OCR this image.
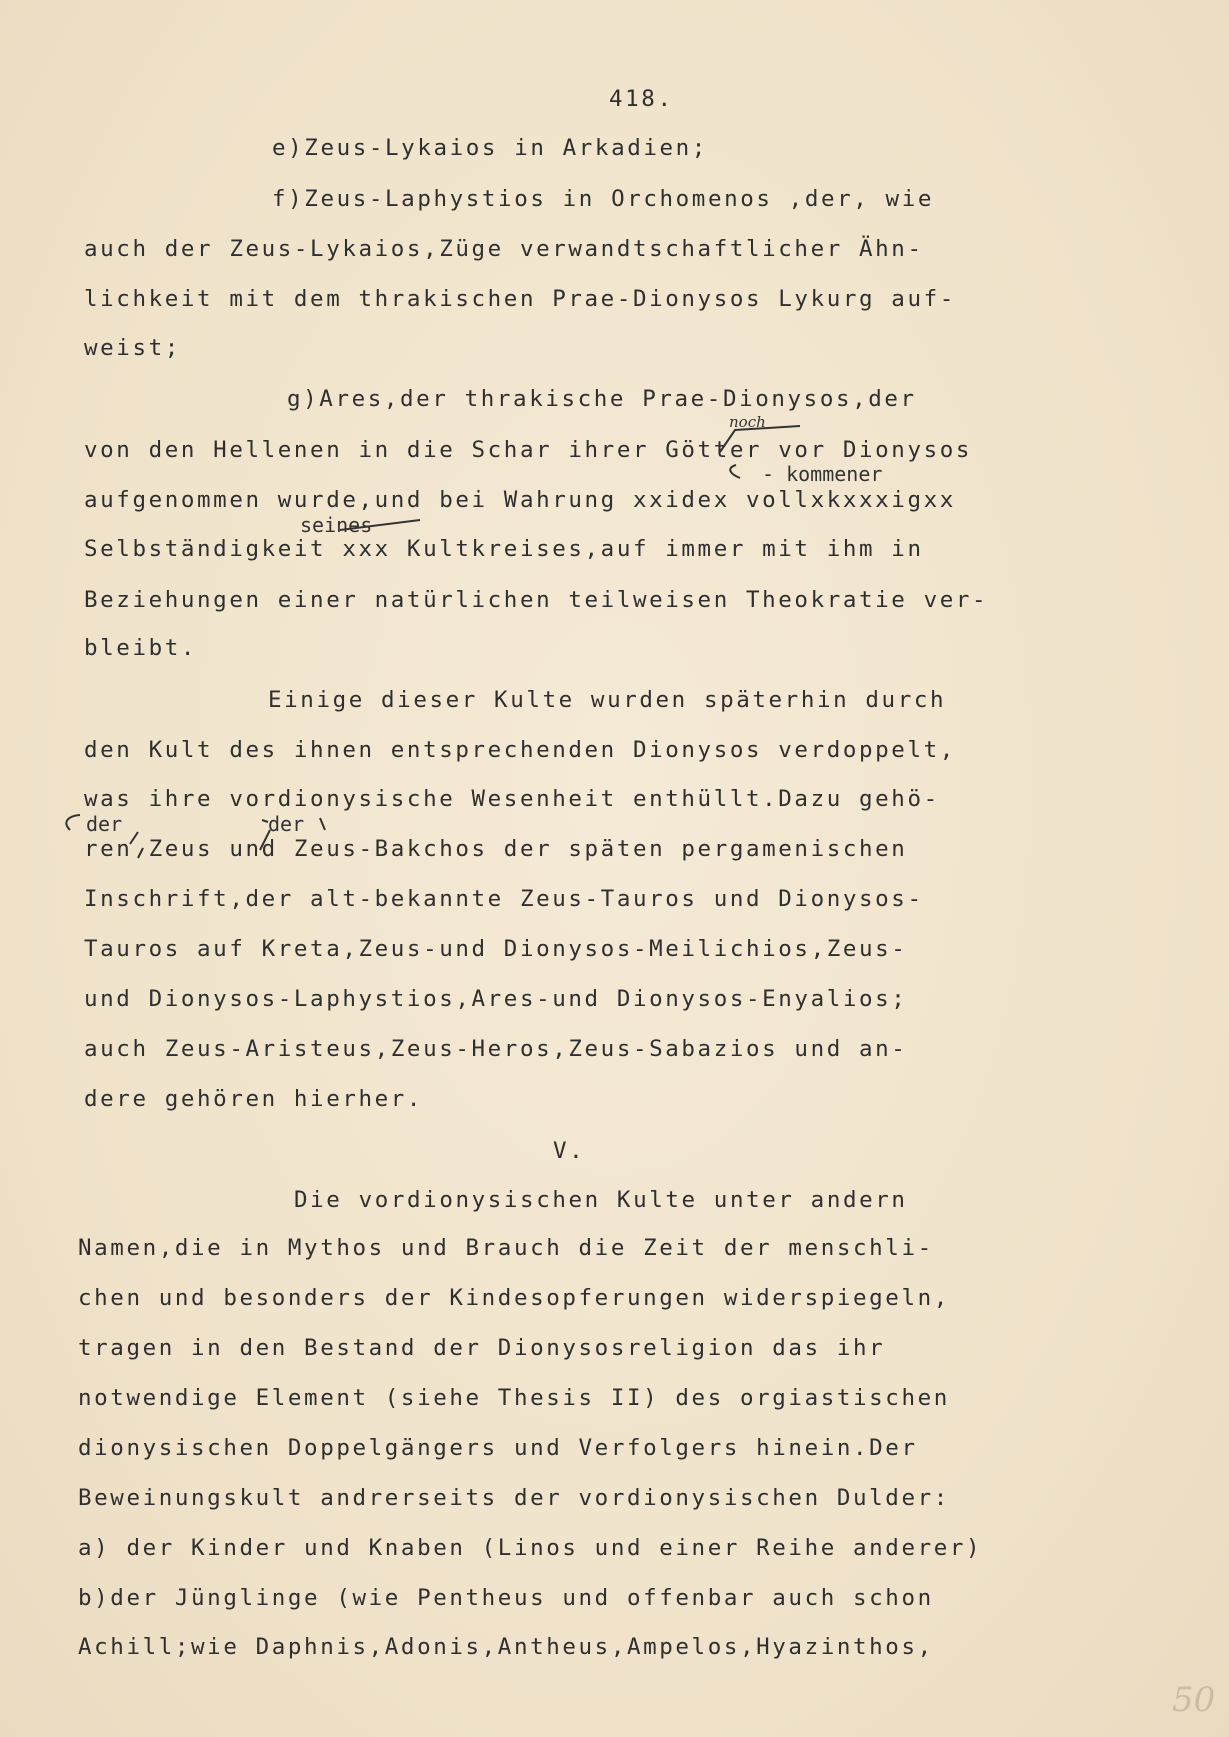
418.
e)Zeus-Lykaios in Arkadien;
f)Zeus-Laphystios in Orchomenos ,der, wie
auch der Zeus-Lykaios,Züge verwandtschaftlicher Ähn-
lichkeit mit dem thrakischen Prae-Dionysos Lykurg auf-
weist;
g)Ares,der thrakische Prae-Dionysos,der
noch
von den Hellenen in die Schar ihrer Götter vor Dionysos
- kommener
aufgenommen wurde,und bei Wahrung xxidex vollxkxxxigxx
seines
Selbständigkeit xxx Kultkreises,auf immer mit ihm in
Beziehungen einer natürlichen teilweisen Theokratie ver-
bleibt.
Einige dieser Kulte wurden späterhin durch
den Kult des ihnen entsprechenden Dionysos verdoppelt,
was ihre vordionysische Wesenheit enthüllt.Dazu gehö-
der	der
ren Zeus und Zeus-Bakchos der späten pergamenischen
Inschrift,der alt-bekannte Zeus-Tauros und Dionysos-
Tauros auf Kreta,Zeus-und Dionysos-Meilichios,Zeus-
und Dionysos-Laphystios,Ares-und Dionysos-Enyalios;
auch Zeus-Aristeus,Zeus-Heros,Zeus-Sabazios und an-
dere gehören hierher.
V.
Die vordionysischen Kulte unter andern
Namen,die in Mythos und Brauch die Zeit der menschli-
chen und besonders der Kindesopferungen widerspiegeln,
tragen in den Bestand der Dionysosreligion das ihr
notwendige Element (siehe Thesis II) des orgiastischen
dionysischen Doppelgängers und Verfolgers hinein.Der
Beweinungskult andrerseits der vordionysischen Dulder:
a) der Kinder und Knaben (Linos und einer Reihe anderer)
b)der Jünglinge (wie Pentheus und offenbar auch schon
Achill;wie Daphnis,Adonis,Antheus,Ampelos,Hyazinthos,
50
